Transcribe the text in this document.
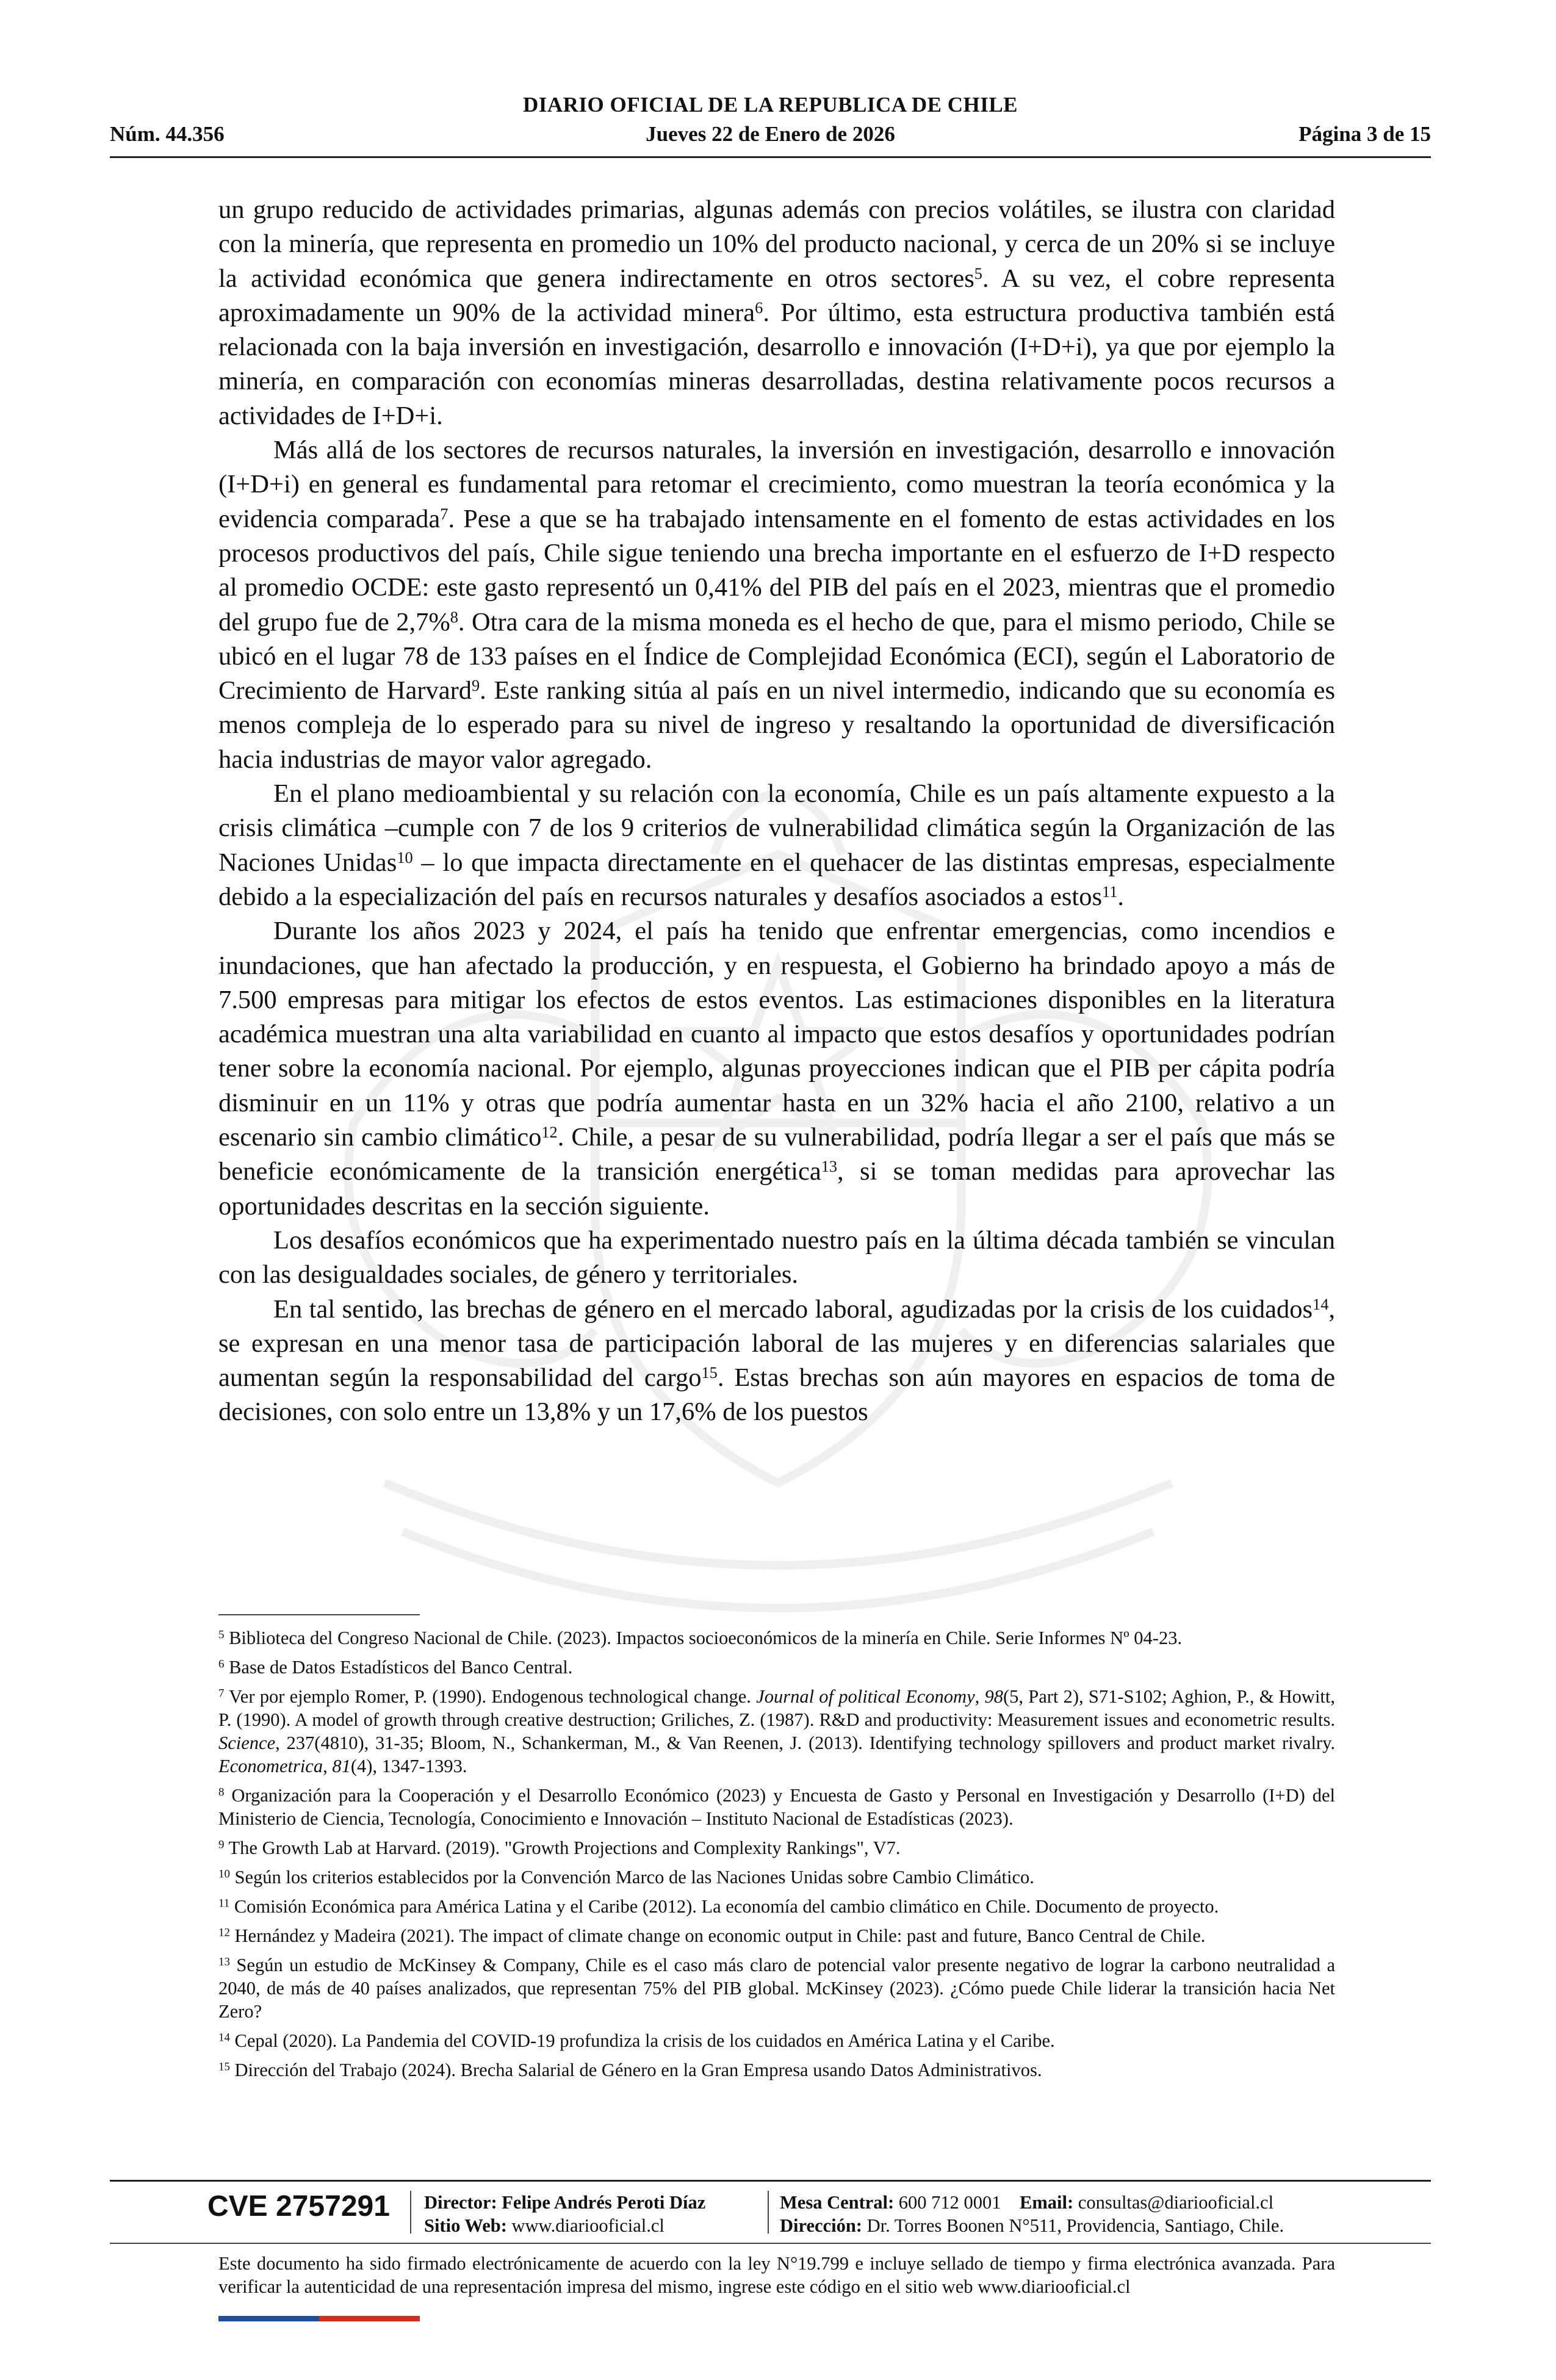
DIARIO OFICIAL DE LA REPUBLICA DE CHILE
Núm. 44.356	Jueves 22 de Enero de 2026	Página 3 de 15

un grupo reducido de actividades primarias, algunas además con precios volátiles, se ilustra con claridad con la minería, que representa en promedio un 10% del producto nacional, y cerca de un 20% si se incluye la actividad económica que genera indirectamente en otros sectores$^5$. A su vez, el cobre representa aproximadamente un 90% de la actividad minera$^6$. Por último, esta estructura productiva también está relacionada con la baja inversión en investigación, desarrollo e innovación (I+D+i), ya que por ejemplo la minería, en comparación con economías mineras desarrolladas, destina relativamente pocos recursos a actividades de I+D+i.

Más allá de los sectores de recursos naturales, la inversión en investigación, desarrollo e innovación (I+D+i) en general es fundamental para retomar el crecimiento, como muestran la teoría económica y la evidencia comparada$^7$. Pese a que se ha trabajado intensamente en el fomento de estas actividades en los procesos productivos del país, Chile sigue teniendo una brecha importante en el esfuerzo de I+D respecto al promedio OCDE: este gasto representó un 0,41% del PIB del país en el 2023, mientras que el promedio del grupo fue de 2,7%$^8$. Otra cara de la misma moneda es el hecho de que, para el mismo periodo, Chile se ubicó en el lugar 78 de 133 países en el Índice de Complejidad Económica (ECI), según el Laboratorio de Crecimiento de Harvard$^9$. Este ranking sitúa al país en un nivel intermedio, indicando que su economía es menos compleja de lo esperado para su nivel de ingreso y resaltando la oportunidad de diversificación hacia industrias de mayor valor agregado.

En el plano medioambiental y su relación con la economía, Chile es un país altamente expuesto a la crisis climática –cumple con 7 de los 9 criterios de vulnerabilidad climática según la Organización de las Naciones Unidas$^{10}$ – lo que impacta directamente en el quehacer de las distintas empresas, especialmente debido a la especialización del país en recursos naturales y desafíos asociados a estos$^{11}$.

Durante los años 2023 y 2024, el país ha tenido que enfrentar emergencias, como incendios e inundaciones, que han afectado la producción, y en respuesta, el Gobierno ha brindado apoyo a más de 7.500 empresas para mitigar los efectos de estos eventos. Las estimaciones disponibles en la literatura académica muestran una alta variabilidad en cuanto al impacto que estos desafíos y oportunidades podrían tener sobre la economía nacional. Por ejemplo, algunas proyecciones indican que el PIB per cápita podría disminuir en un 11% y otras que podría aumentar hasta en un 32% hacia el año 2100, relativo a un escenario sin cambio climático$^{12}$. Chile, a pesar de su vulnerabilidad, podría llegar a ser el país que más se beneficie económicamente de la transición energética$^{13}$, si se toman medidas para aprovechar las oportunidades descritas en la sección siguiente.

Los desafíos económicos que ha experimentado nuestro país en la última década también se vinculan con las desigualdades sociales, de género y territoriales.

En tal sentido, las brechas de género en el mercado laboral, agudizadas por la crisis de los cuidados$^{14}$, se expresan en una menor tasa de participación laboral de las mujeres y en diferencias salariales que aumentan según la responsabilidad del cargo$^{15}$. Estas brechas son aún mayores en espacios de toma de decisiones, con solo entre un 13,8% y un 17,6% de los puestos

$^5$ Biblioteca del Congreso Nacional de Chile. (2023). Impactos socioeconómicos de la minería en Chile. Serie Informes Nº 04-23.

$^6$ Base de Datos Estadísticos del Banco Central.

$^7$ Ver por ejemplo Romer, P. (1990). Endogenous technological change. Journal of political Economy, 98(5, Part 2), S71-S102; Aghion, P., & Howitt, P. (1990). A model of growth through creative destruction; Griliches, Z. (1987). R&D and productivity: Measurement issues and econometric results. Science, 237(4810), 31-35; Bloom, N., Schankerman, M., & Van Reenen, J. (2013). Identifying technology spillovers and product market rivalry. Econometrica, 81(4), 1347-1393.

$^8$ Organización para la Cooperación y el Desarrollo Económico (2023) y Encuesta de Gasto y Personal en Investigación y Desarrollo (I+D) del Ministerio de Ciencia, Tecnología, Conocimiento e Innovación – Instituto Nacional de Estadísticas (2023).

$^9$ The Growth Lab at Harvard. (2019). "Growth Projections and Complexity Rankings", V7.

$^{10}$ Según los criterios establecidos por la Convención Marco de las Naciones Unidas sobre Cambio Climático.

$^{11}$ Comisión Económica para América Latina y el Caribe (2012). La economía del cambio climático en Chile. Documento de proyecto.

$^{12}$ Hernández y Madeira (2021). The impact of climate change on economic output in Chile: past and future, Banco Central de Chile.

$^{13}$ Según un estudio de McKinsey & Company, Chile es el caso más claro de potencial valor presente negativo de lograr la carbono neutralidad a 2040, de más de 40 países analizados, que representan 75% del PIB global. McKinsey (2023). ¿Cómo puede Chile liderar la transición hacia Net Zero?

$^{14}$ Cepal (2020). La Pandemia del COVID-19 profundiza la crisis de los cuidados en América Latina y el Caribe.

$^{15}$ Dirección del Trabajo (2024). Brecha Salarial de Género en la Gran Empresa usando Datos Administrativos.

CVE 2757291 Director: Felipe Andrés Peroti Díaz
Sitio Web: www.diariooficial.cl
Mesa Central: 600 712 0001 Email: consultas@diariooficial.cl
Dirección: Dr. Torres Boonen N°511, Providencia, Santiago, Chile.
Este documento ha sido firmado electrónicamente de acuerdo con la ley N°19.799 e incluye sellado de tiempo y firma electrónica avanzada. Para verificar la autenticidad de una representación impresa del mismo, ingrese este código en el sitio web www.diariooficial.cl
